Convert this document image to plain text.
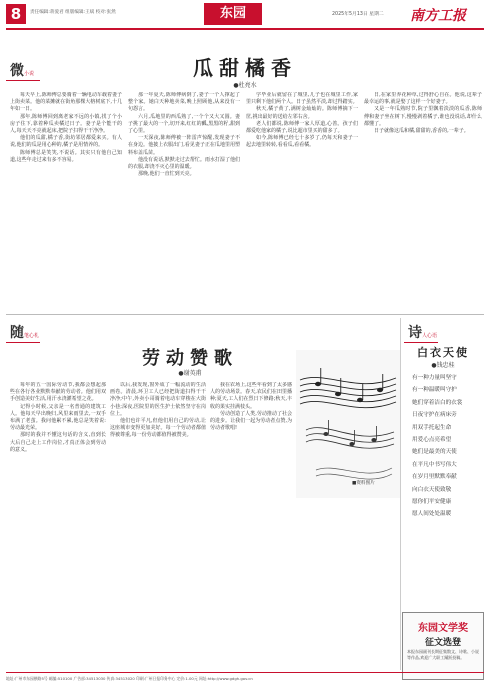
8	责任编辑:蒋爱君 组版编辑:王斌 校对:张然	东园	2025年5月13日 星期二 南方工报
微 小说
随 笔心札	诗 人心语
瓜甜橘香
●杜亮水

每天早上,陈师傅总要骑着一辆电动车载着妻子上街卖菜。他的菜摊就在街角那棵大榕树底下,十几年如一日。

那年,陈师傅回到离老家不远的小镇,找了个小房子住下,靠着种瓜卖橘过日子。妻子是个能干的人,每天天不亮就起床,把院子扫得干干净净。

他们的瓜甜,橘子香,街坊邻居都爱来买。有人说,他们的瓜是用心种的,橘子是用情养的。

陈师傅总是笑笑,不说话。其实只有他自己知道,这些年走过来有多不容易。

那一年夏天,陈师傅病倒了,妻子一个人撑起了整个家。她白天种地卖菜,晚上照顾他,从来没有一句怨言。

六月,瓜地里的西瓜熟了,一个个又大又圆。妻子挑了最大的一个,切开来,红红的瓤,黑黑的籽,甜到了心里。

一天深夜,陈师傅被一阵雷声惊醒,发现妻子不在身边。他披上衣服出门,看见妻子正在瓜地里用塑料布盖瓜苗。

他没有说话,默默走过去帮忙。雨水打湿了他们的衣服,却浇不灭心里的温暖。

那晚,他们一直忙到天亮。

学毕业后就留在了城里,儿子也在城里工作,家里只剩下他们两个人。日子虽然平淡,却过得踏实。

秋天,橘子黄了,满树金灿灿的。陈师傅摘下一筐,挑出最好的送给左邻右舍。

老人们都说,陈师傅一家人厚道,心善。孩子们都爱吃他家的橘子,说比超市里买的甜多了。

如今,陈师傅已经七十多岁了,仍每天和妻子一起去地里转转,看看瓜,看看橘。

日,在家里养花种草,过得舒心自在。他说,这辈子最幸运的事,就是娶了这样一个好妻子。

又是一年瓜熟时节,院子里飘着淡淡的瓜香,陈师傅和妻子坐在树下,慢慢剥着橘子,谁也没说话,却什么都懂了。

日子就像这瓜和橘,甜甜的,香香的,一辈子。

劳动赞歌
●谢英甫

每年的五一国际劳动节,我都会想起那些在各行各业默默奉献的劳动者。他们用双手创造美好生活,用汗水浇灌希望之花。

记得小时候,父亲是一名普通的建筑工人。他每天早出晚归,风里来雨里去,一双手布满了老茧。我问他累不累,他总是笑着说:劳动最光荣。

那时的我并不懂这句话的含义,直到长大后自己走上工作岗位,才真正体会到劳动的意义。

以后,我发现,窗外成了一幅流动的生活画卷。清晨,环卫工人已经把街道扫得干干净净;中午,外卖小哥骑着电动车穿梭在大街小巷;深夜,医院里的医生护士依然坚守在岗位上。

他们也许平凡,但他们用自己的劳动,让这座城市变得更加美好。每一个劳动者都值得被尊重,每一份劳动都值得被赞美。

我在农场上,这些年看到了太多感人的劳动场景。春天,农民们在田里播种;夏天,工人们在烈日下修路;秋天,丰收的果实挂满枝头。

劳动创造了人类,劳动推动了社会的进步。让我们一起为劳动者点赞,为劳动者歌唱!

■资料图片
白衣天使
●钱忠桂
有一种力量叫坚守
有一种温暖叫守护
她们穿着洁白的衣裳
日夜守护在病床旁
用双手托起生命
用爱心点亮希望
她们是最美的天使
在平凡中书写伟大
在岁月里默默奉献
向白衣天使致敬
愿你们平安健康
愿人间处处温暖
东园文学奖
征文选登
本报东园副刊长期征集散文、诗歌、小说等作品,欢迎广大职工踊跃投稿。
地址:广州市东园横路5号 邮编:510100 广告部:34513030 传真:34513020 印刷:广州日报印务中心 定价:1.00元 网址:http://www.gdgh.gov.cn
